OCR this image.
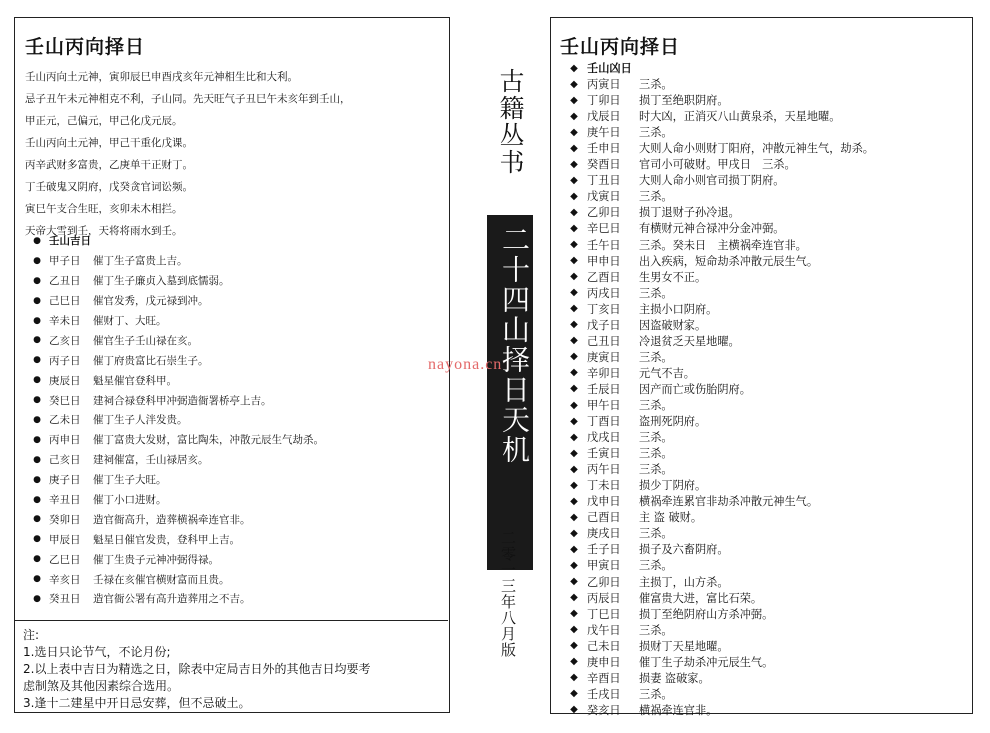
壬山丙向择日
壬山丙向土元神，寅卯辰巳申酉戌亥年元神相生比和大利。
忌子丑午未元神相克不利，子山同。先天旺气子丑巳午未亥年到壬山，
甲正元，己偏元，甲己化戊元辰。
壬山丙向土元神，甲己干重化戊课。
丙辛武财多富贵，乙庚单干正财丁。
丁壬破鬼又阴府，戊癸贪官词讼频。
寅巳午支合生旺，亥卯未木相拦。
天帝大雪到壬，天将将雨水到壬。
● 壬山吉日
● 甲子日	催丁生子富贵上吉。
● 乙丑日	催丁生子廉贞入墓到底懦弱。
● 己巳日	催官发秀，戊元禄到冲。
● 辛未日	催财丁、大旺。
● 乙亥日	催官生子壬山禄在亥。
● 丙子日	催丁府贵富比石崇生子。
● 庚辰日	魁星催官登科甲。
● 癸巳日	建祠合禄登科甲冲弼造衙署桥亭上吉。
● 乙未日	催丁生子人泮发贵。
● 丙申日	催丁富贵大发财，富比陶朱，冲散元辰生气劫杀。
● 己亥日	建祠催富，壬山禄居亥。
● 庚子日	催丁生子大旺。
● 辛丑日	催丁小口进财。
● 癸卯日	造官衙高升，造葬横祸牵连官非。
● 甲辰日	魁星日催官发贵，登科甲上吉。
● 乙巳日	催丁生贵子元神冲弼得禄。
● 辛亥日	壬禄在亥催官横财富而且贵。
● 癸丑日	造官衙公署有高升造葬用之不吉。
注:
1.选日只论节气，不论月份;
2.以上表中吉日为精选之日，除表中定局吉日外的其他吉日均要考
虑制煞及其他因素综合选用。
3.逢十二建星中开日忌安葬，但不忌破土。
古籍丛书
二十四山择日天机
二零一三年八月版
nayona.cn
壬山丙向择日
◆ 壬山凶日
◆ 丙寅日	三杀。
◆ 丁卯日	损丁至绝职阴府。
◆ 戊辰日	时大凶，正消灭八山黄泉杀，天星地曜。
◆ 庚午日	三杀。
◆ 壬申日	大则人命小则财丁阳府，冲散元神生气，劫杀。
◆ 癸酉日	官司小可破财。甲戌日　三杀。
◆ 丁丑日	大则人命小则官司损丁阴府。
◆ 戊寅日	三杀。
◆ 乙卯日	损丁退财子孙冷退。
◆ 辛巳日	有横财元神合禄冲分金冲弼。
◆ 壬午日	三杀。癸未日　主横祸牵连官非。
◆ 甲申日	出入疾病，短命劫杀冲散元辰生气。
◆ 乙酉日	生男女不正。
◆ 丙戌日	三杀。
◆ 丁亥日	主损小口阴府。
◆ 戊子日	因盗破财家。
◆ 己丑日	冷退贫乏天星地曜。
◆ 庚寅日	三杀。
◆ 辛卯日	元气不吉。
◆ 壬辰日	因产而亡或伤胎阴府。
◆ 甲午日	三杀。
◆ 丁酉日	盗刑死阴府。
◆ 戊戌日	三杀。
◆ 壬寅日	三杀。
◆ 丙午日	三杀。
◆ 丁未日	损少丁阴府。
◆ 戊申日	横祸牵连累官非劫杀冲散元神生气。
◆ 己酉日	主 盗 破财。
◆ 庚戌日	三杀。
◆ 壬子日	损子及六畜阴府。
◆ 甲寅日	三杀。
◆ 乙卯日	主损丁，山方杀。
◆ 丙辰日	催富贵大进，富比石荣。
◆ 丁巳日	损丁至绝阴府山方杀冲弼。
◆ 戊午日	三杀。
◆ 己未日	损财丁天星地曜。
◆ 庚申日	催丁生子劫杀冲元辰生气。
◆ 辛酉日	损妻 盗破家。
◆ 壬戌日	三杀。
◆ 癸亥日	横祸牵连官非。
